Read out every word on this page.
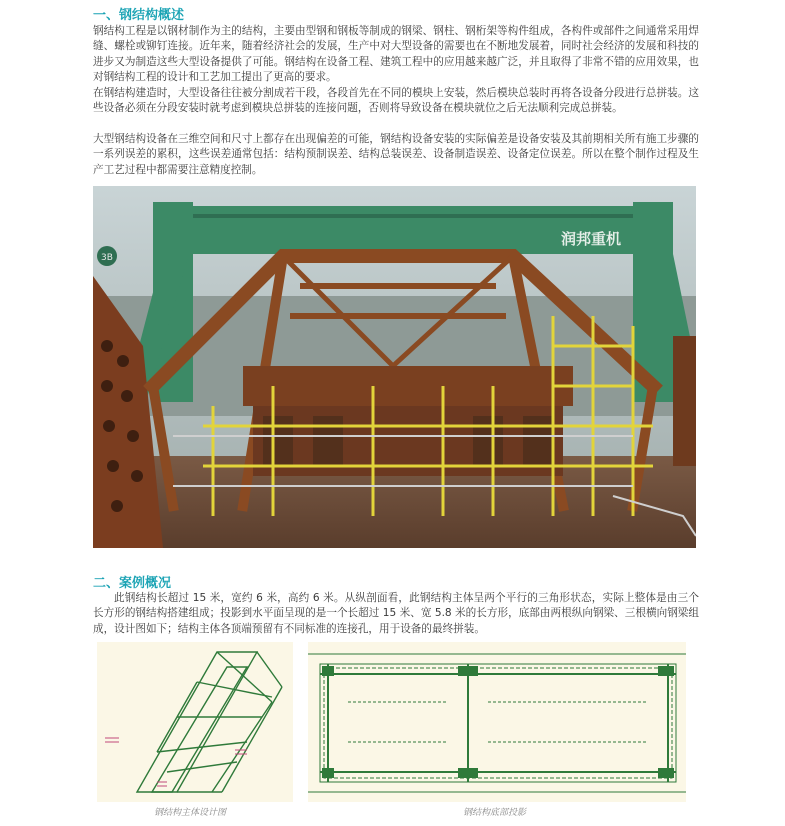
一、钢结构概述

钢结构工程是以钢材制作为主的结构，主要由型钢和钢板等制成的钢梁、钢柱、钢桁架等构件组成，各构件或部件之间通常采用焊缝、螺栓或铆钉连接。近年来，随着经济社会的发展，生产中对大型设备的需要也在不断地发展着，同时社会经济的发展和科技的进步又为制造这些大型设备提供了可能。钢结构在设备工程、建筑工程中的应用越来越广泛，并且取得了非常不错的应用效果，也对钢结构工程的设计和工艺加工提出了更高的要求。

在钢结构建造时，大型设备往往被分割成若干段，各段首先在不同的模块上安装，然后模块总装时再将各设备分段进行总拼装。这些设备必须在分段安装时就考虑到模块总拼装的连接问题，否则将导致设备在模块就位之后无法顺利完成总拼装。

大型钢结构设备在三维空间和尺寸上都存在出现偏差的可能，钢结构设备安装的实际偏差是设备安装及其前期相关所有施工步骤的一系列误差的累积，这些误差通常包括：结构预制误差、结构总装误差、设备制造误差、设备定位误差。所以在整个制作过程及生产工艺过程中都需要注意精度控制。

3B
润邦重机
二、案例概况

此钢结构长超过 15 米，宽约 6 米，高约 6 米。从纵剖面看，此钢结构主体呈两个平行的三角形状态，实际上整体是由三个长方形的钢结构搭建组成；投影到水平面呈现的是一个长超过 15 米、宽 5.8 米的长方形，底部由两根纵向钢梁、三根横向钢梁组成，设计图如下；结构主体各顶端预留有不同标准的连接孔，用于设备的最终拼装。

钢结构主体设计图	钢结构底部投影
